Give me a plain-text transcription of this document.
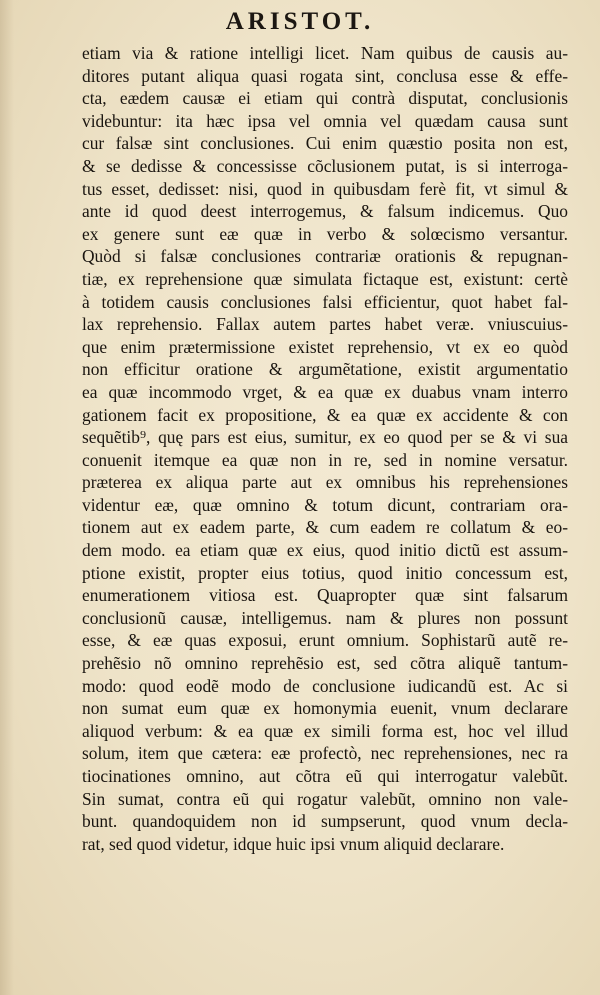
ARISTOT.
etiam via & ratione intelligi licet. Nam quibus de causis au-
ditores putant aliqua quasi rogata sint, conclusa esse & effe-
cta, eædem causæ ei etiam qui contrà disputat, conclusionis
videbuntur: ita hæc ipsa vel omnia vel quædam causa sunt
cur falsæ sint conclusiones. Cui enim quæstio posita non est,
& se dedisse & concessisse cõclusionem putat, is si interroga-
tus esset, dedisset: nisi, quod in quibusdam ferè fit, vt simul &
ante id quod deest interrogemus, & falsum indicemus. Quo
ex genere sunt eæ quæ in verbo & solœcismo versantur.
Quòd si falsæ conclusiones contrariæ orationis & repugnan-
tiæ, ex reprehensione quæ simulata fictaque est, existunt: certè
à totidem causis conclusiones falsi efficientur, quot habet fal-
lax reprehensio. Fallax autem partes habet veræ. vniuscuius-
que enim prætermissione existet reprehensio, vt ex eo quòd
non efficitur oratione & argumẽtatione, existit argumentatio
ea quæ incommodo vrget, & ea quæ ex duabus vnam interro
gationem facit ex propositione, & ea quæ ex accidente & con
sequẽtib⁹, quę pars est eius, sumitur, ex eo quod per se & vi sua
conuenit itemque ea quæ non in re, sed in nomine versatur.
præterea ex aliqua parte aut ex omnibus his reprehensiones
videntur eæ, quæ omnino & totum dicunt, contrariam ora-
tionem aut ex eadem parte, & cum eadem re collatum & eo-
dem modo. ea etiam quæ ex eius, quod initio dictũ est assum-
ptione existit, propter eius totius, quod initio concessum est,
enumerationem vitiosa est. Quapropter quæ sint falsarum
conclusionũ causæ, intelligemus. nam & plures non possunt
esse, & eæ quas exposui, erunt omnium. Sophistarũ autẽ re-
prehẽsio nõ omnino reprehẽsio est, sed cõtra aliquẽ tantum-
modo: quod eodẽ modo de conclusione iudicandũ est. Ac si
non sumat eum quæ ex homonymia euenit, vnum declarare
aliquod verbum: & ea quæ ex simili forma est, hoc vel illud
solum, item que cætera: eæ profectò, nec reprehensiones, nec ra
tiocinationes omnino, aut cõtra eũ qui interrogatur valebũt.
Sin sumat, contra eũ qui rogatur valebũt, omnino non vale-
bunt. quandoquidem non id sumpserunt, quod vnum decla-
rat, sed quod videtur, idque huic ipsi vnum aliquid declarare.
